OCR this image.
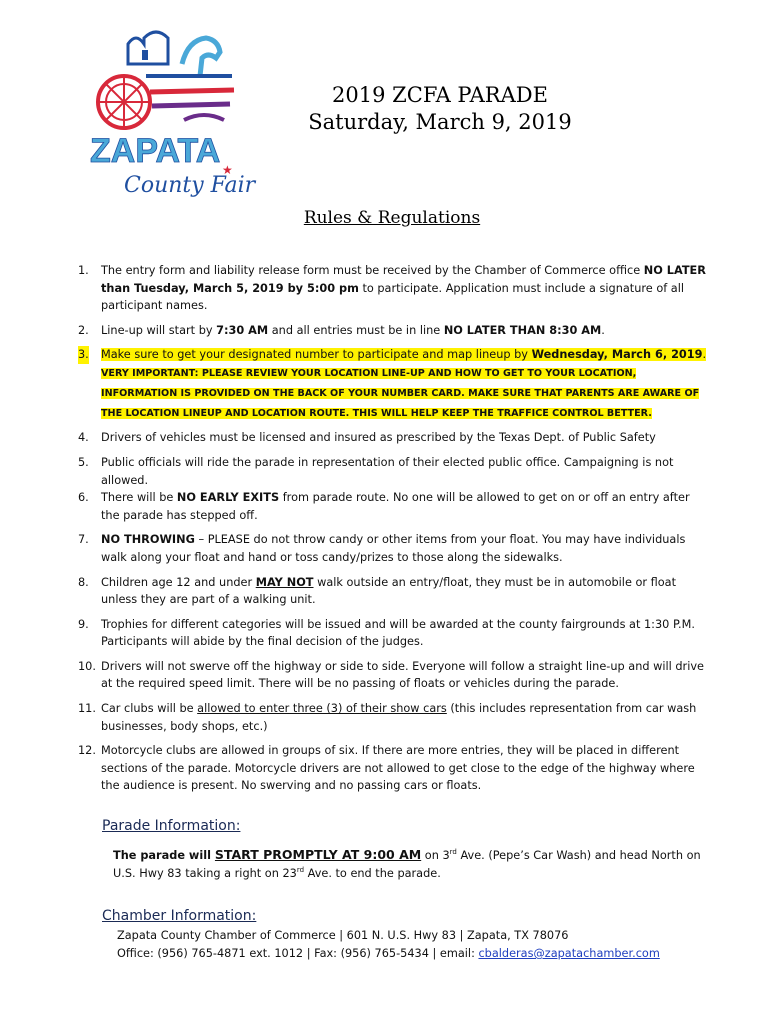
ZAPATA
County Fair
★
2019 ZCFA PARADE
Saturday, March 9, 2019
Rules & Regulations
1. The entry form and liability release form must be received by the Chamber of Commerce office NO LATER than Tuesday, March 5, 2019 by 5:00 pm to participate. Application must include a signature of all participant names.
2. Line-up will start by 7:30 AM and all entries must be in line NO LATER THAN 8:30 AM.
3. Make sure to get your designated number to participate and map lineup by Wednesday, March 6, 2019.
VERY IMPORTANT: PLEASE REVIEW YOUR LOCATION LINE-UP AND HOW TO GET TO YOUR LOCATION, INFORMATION IS PROVIDED ON THE BACK OF YOUR NUMBER CARD. MAKE SURE THAT PARENTS ARE AWARE OF THE LOCATION LINEUP AND LOCATION ROUTE. THIS WILL HELP KEEP THE TRAFFICE CONTROL BETTER.
4. Drivers of vehicles must be licensed and insured as prescribed by the Texas Dept. of Public Safety
5. Public officials will ride the parade in representation of their elected public office. Campaigning is not allowed.
6. There will be NO EARLY EXITS from parade route. No one will be allowed to get on or off an entry after the parade has stepped off.
7. NO THROWING – PLEASE do not throw candy or other items from your float. You may have individuals walk along your float and hand or toss candy/prizes to those along the sidewalks.
8. Children age 12 and under MAY NOT walk outside an entry/float, they must be in automobile or float unless they are part of a walking unit.
9. Trophies for different categories will be issued and will be awarded at the county fairgrounds at 1:30 P.M. Participants will abide by the final decision of the judges.
10. Drivers will not swerve off the highway or side to side. Everyone will follow a straight line-up and will drive at the required speed limit. There will be no passing of floats or vehicles during the parade.
11. Car clubs will be allowed to enter three (3) of their show cars (this includes representation from car wash businesses, body shops, etc.)
12. Motorcycle clubs are allowed in groups of six. If there are more entries, they will be placed in different sections of the parade. Motorcycle drivers are not allowed to get close to the edge of the highway where the audience is present. No swerving and no passing cars or floats.
Parade Information:
The parade will START PROMPTLY AT 9:00 AM on 3rd Ave. (Pepe’s Car Wash) and head North on
U.S. Hwy 83 taking a right on 23rd Ave. to end the parade.
Chamber Information:
Zapata County Chamber of Commerce | 601 N. U.S. Hwy 83 | Zapata, TX 78076
Office: (956) 765-4871 ext. 1012 | Fax: (956) 765-5434 | email: cbalderas@zapatachamber.com
